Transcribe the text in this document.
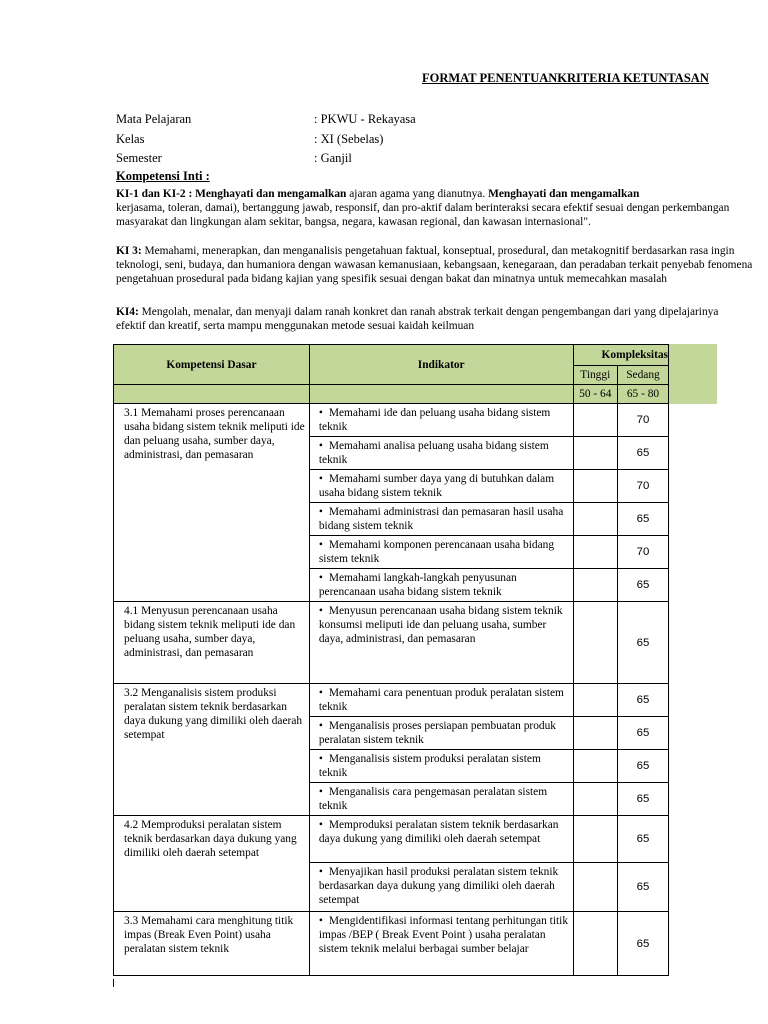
FORMAT PENENTUANKRITERIA KETUNTASAN
Mata Pelajaran	: PKWU - Rekayasa
Kelas	: XI (Sebelas)
Semester	: Ganjil
Kompetensi Inti :
KI-1 dan KI-2 : Menghayati dan mengamalkan ajaran agama yang dianutnya. Menghayati dan mengamalkan
kerjasama, toleran, damai), bertanggung jawab, responsif, dan pro-aktif dalam berinteraksi secara efektif sesuai dengan perkembangan
masyarakat dan lingkungan alam sekitar, bangsa, negara, kawasan regional, dan kawasan internasional".
KI 3: Memahami, menerapkan, dan menganalisis pengetahuan faktual, konseptual, prosedural, dan metakognitif berdasarkan rasa ingin
teknologi, seni, budaya, dan humaniora dengan wawasan kemanusiaan, kebangsaan, kenegaraan, dan peradaban terkait penyebab fenomena
pengetahuan prosedural pada bidang kajian yang spesifik sesuai dengan bakat dan minatnya untuk memecahkan masalah
KI4: Mengolah, menalar, dan menyaji dalam ranah konkret dan ranah abstrak terkait dengan pengembangan dari yang dipelajarinya
efektif dan kreatif, serta mampu menggunakan metode sesuai kaidah keilmuan
Kompetensi Dasar	Indikator	Kompleksitas	
		Tinggi	Sedang
		50 - 64	65 - 80
3.1 Memahami proses perencanaan usaha bidang sistem teknik meliputi ide dan peluang usaha, sumber daya, administrasi, dan pemasaran	• Memahami ide dan peluang usaha bidang sistem teknik		70
	• Memahami analisa peluang usaha bidang sistem teknik		65
	• Memahami sumber daya yang di butuhkan dalam usaha bidang sistem teknik		70
	• Memahami administrasi dan pemasaran hasil usaha bidang sistem teknik		65
	• Memahami komponen perencanaan usaha bidang sistem teknik		70
	• Memahami langkah-langkah penyusunan perencanaan usaha bidang sistem teknik		65
4.1 Menyusun perencanaan usaha bidang sistem teknik meliputi ide dan peluang usaha, sumber daya, administrasi, dan pemasaran	• Menyusun perencanaan usaha bidang sistem teknik konsumsi meliputi ide dan peluang usaha, sumber daya, administrasi, dan pemasaran		65
3.2 Menganalisis sistem produksi peralatan sistem teknik berdasarkan daya dukung yang dimiliki oleh daerah setempat	• Memahami cara penentuan produk peralatan sistem teknik		65
	• Menganalisis proses persiapan pembuatan produk peralatan sistem teknik		65
	• Menganalisis sistem produksi peralatan sistem teknik		65
	• Menganalisis cara pengemasan peralatan sistem teknik		65
4.2 Memproduksi peralatan sistem teknik berdasarkan daya dukung yang dimiliki oleh daerah setempat	• Memproduksi peralatan sistem teknik berdasarkan daya dukung yang dimiliki oleh daerah setempat		65
	• Menyajikan hasil produksi peralatan sistem teknik berdasarkan daya dukung yang dimiliki oleh daerah setempat		65
3.3 Memahami cara menghitung titik impas (Break Even Point) usaha peralatan sistem teknik	• Mengidentifikasi informasi tentang perhitungan titik impas /BEP ( Break Event Point ) usaha peralatan sistem teknik melalui berbagai sumber belajar		65
